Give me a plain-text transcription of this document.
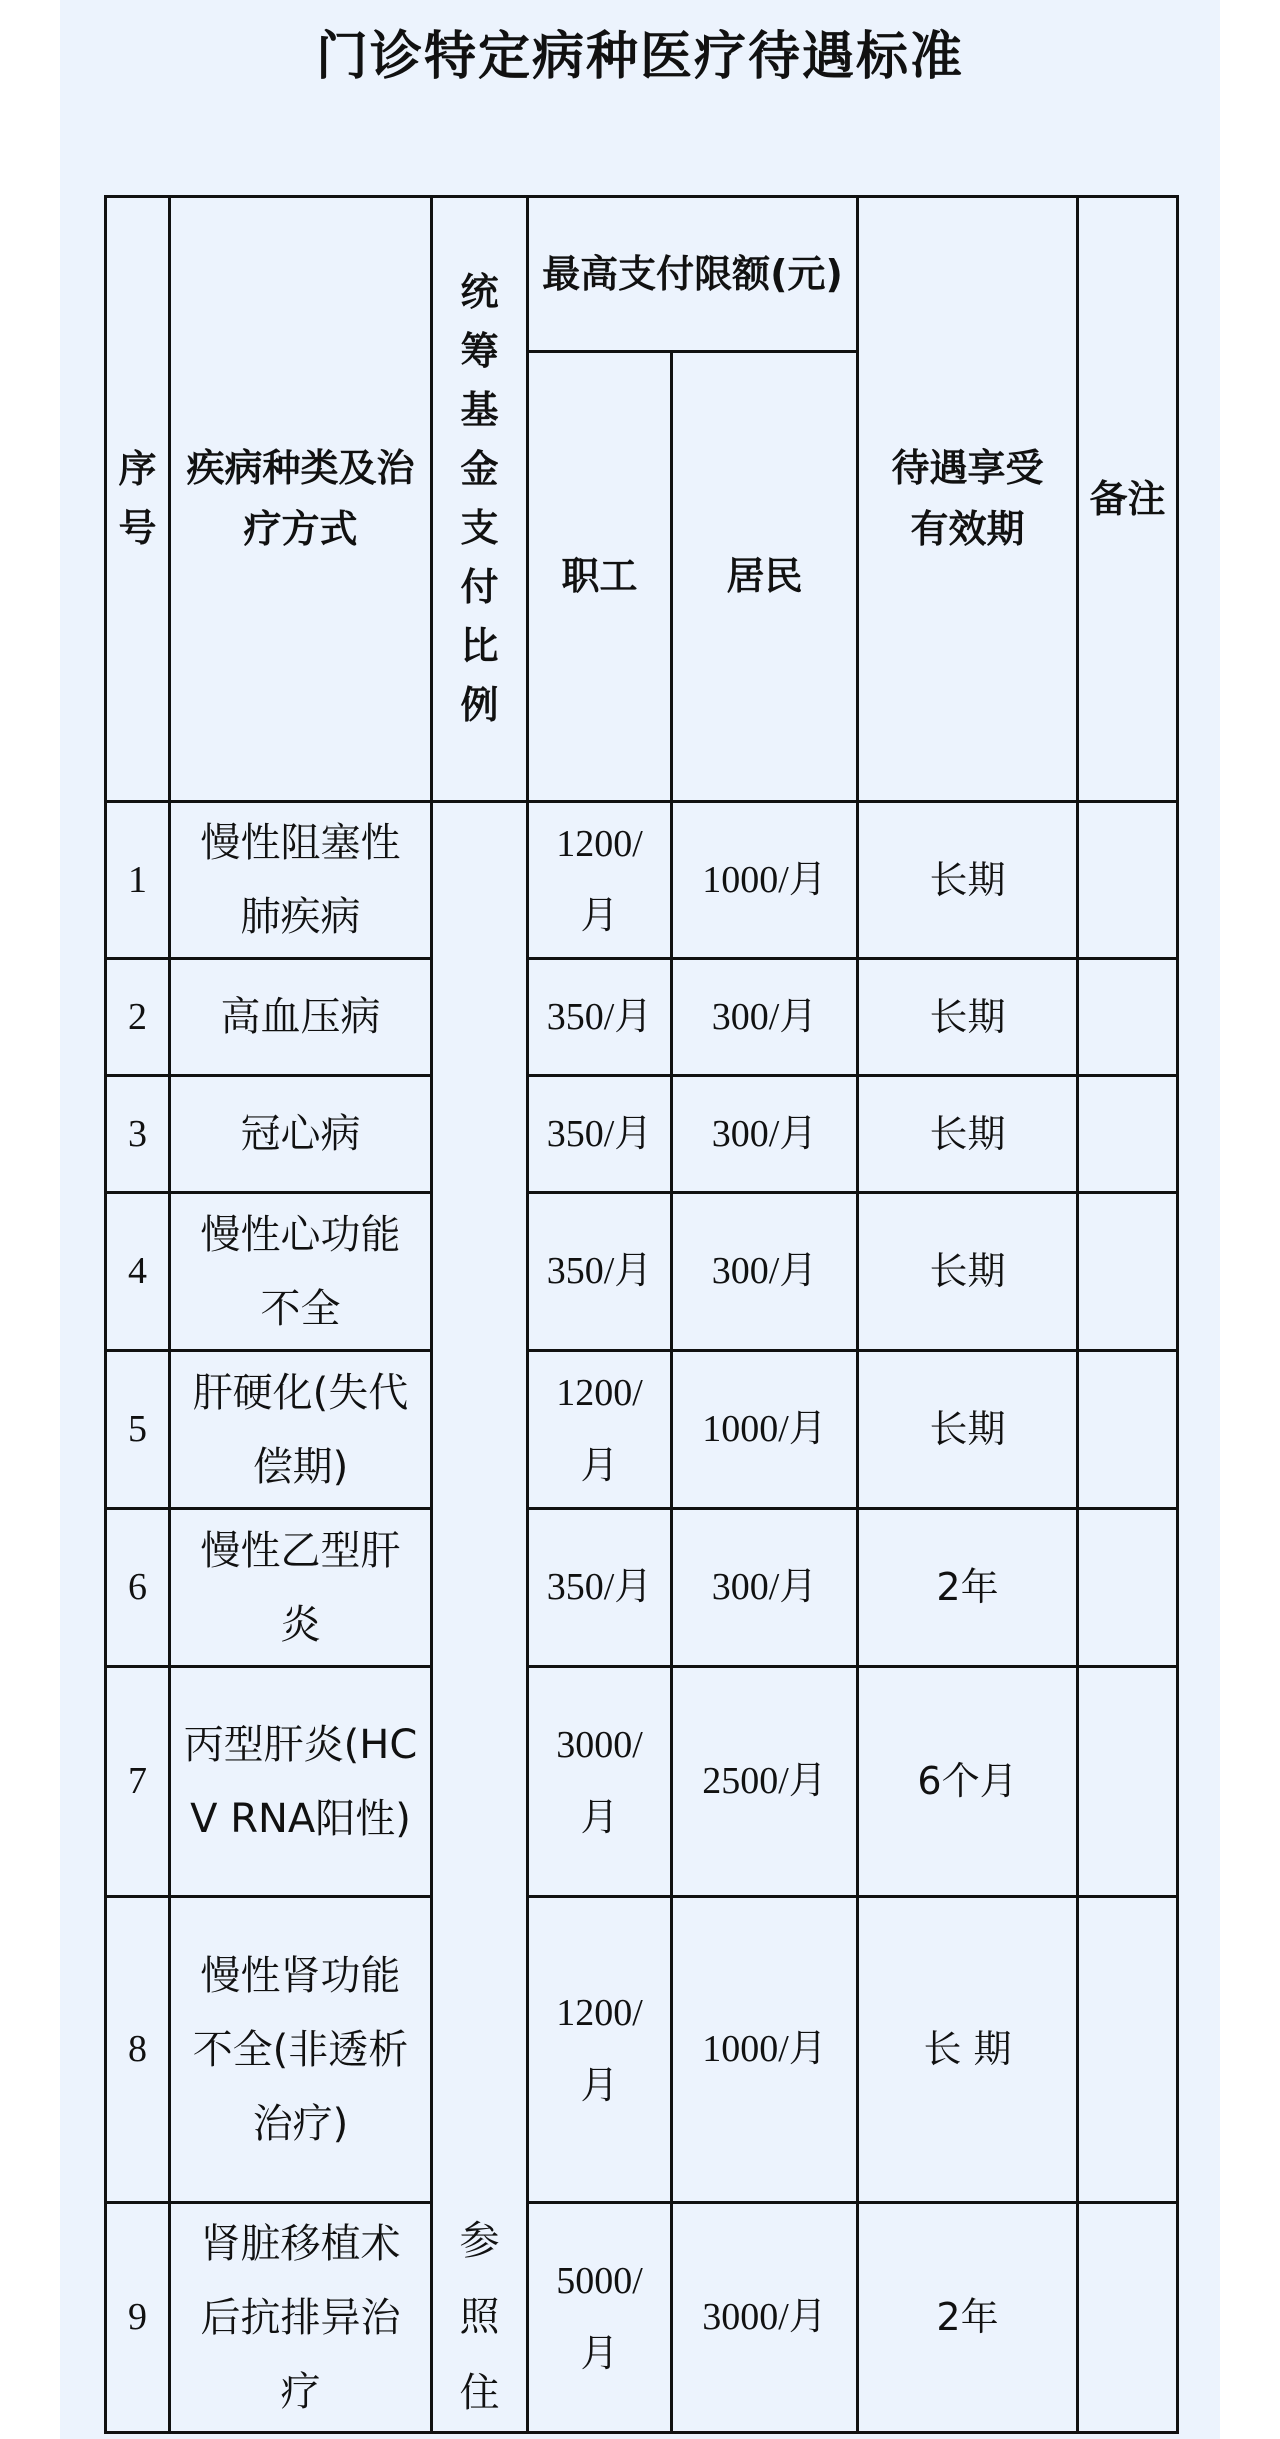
门诊特定病种医疗待遇标准
序号	疾病种类及治疗方式	统筹基金支付比例	最高支付限额(元)		待遇享受有效期	备注
			职工	居民		
1	慢性阻塞性肺疾病	参照住	1200/月	1000/月	长期	
2	高血压病		350/月	300/月	长期	
3	冠心病		350/月	300/月	长期	
4	慢性心功能不全		350/月	300/月	长期	
5	肝硬化(失代偿期)		1200/月	1000/月	长期	
6	慢性乙型肝炎		350/月	300/月	2年	
7	丙型肝炎(HCV RNA阳性)		3000/月	2500/月	6个月	
8	慢性肾功能不全(非透析治疗)		1200/月	1000/月	长 期	
9	肾脏移植术后抗排异治疗		5000/月	3000/月	2年	
